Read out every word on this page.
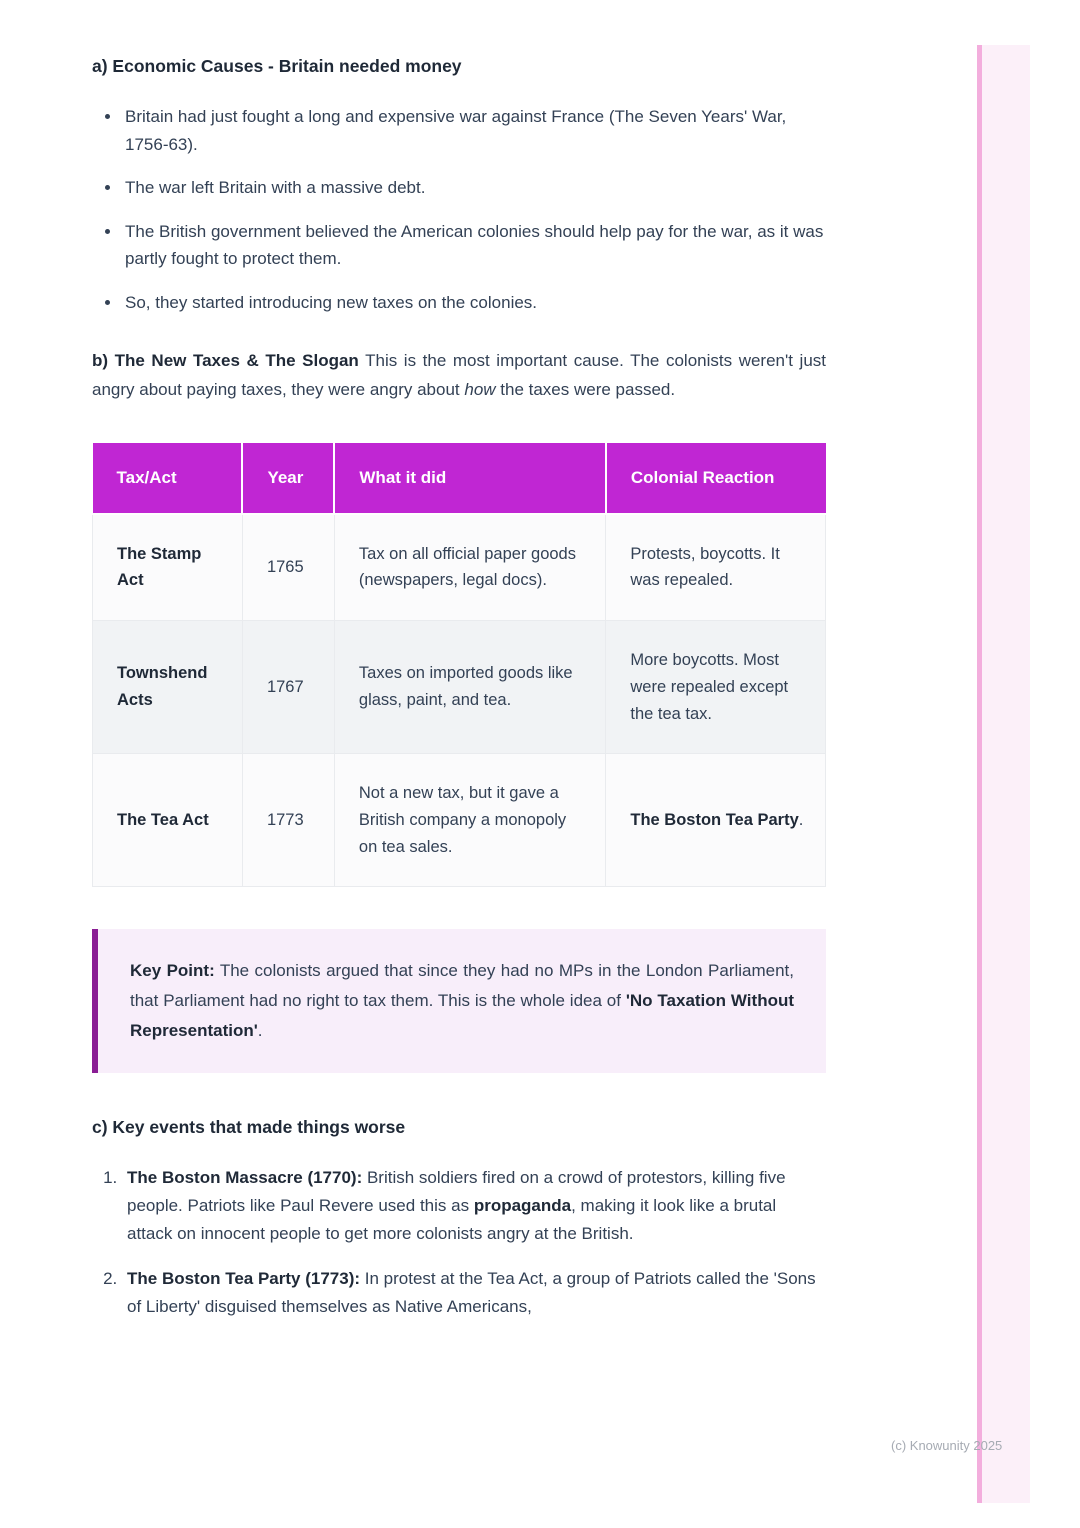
a) Economic Causes - Britain needed money
• Britain had just fought a long and expensive war against France (The Seven Years' War, 1756-63).
• The war left Britain with a massive debt.
• The British government believed the American colonies should help pay for the war, as it was partly fought to protect them.
• So, they started introducing new taxes on the colonies.

b) The New Taxes & The Slogan This is the most important cause. The colonists weren't just angry about paying taxes, they were angry about how the taxes were passed.

Tax/Act	Year	What it did	Colonial Reaction
The Stamp Act	1765	Tax on all official paper goods (newspapers, legal docs).	Protests, boycotts. It was repealed.
Townshend Acts	1767	Taxes on imported goods like glass, paint, and tea.	More boycotts. Most were repealed except the tea tax.
The Tea Act	1773	Not a new tax, but it gave a British company a monopoly on tea sales.	The Boston Tea Party.
Key Point: The colonists argued that since they had no MPs in the London Parliament, that Parliament had no right to tax them. This is the whole idea of 'No Taxation Without Representation'.
c) Key events that made things worse
1. The Boston Massacre (1770): British soldiers fired on a crowd of protestors, killing five people. Patriots like Paul Revere used this as propaganda, making it look like a brutal attack on innocent people to get more colonists angry at the British.
2. The Boston Tea Party (1773): In protest at the Tea Act, a group of Patriots called the 'Sons of Liberty' disguised themselves as Native Americans,
(c) Knowunity 2025
